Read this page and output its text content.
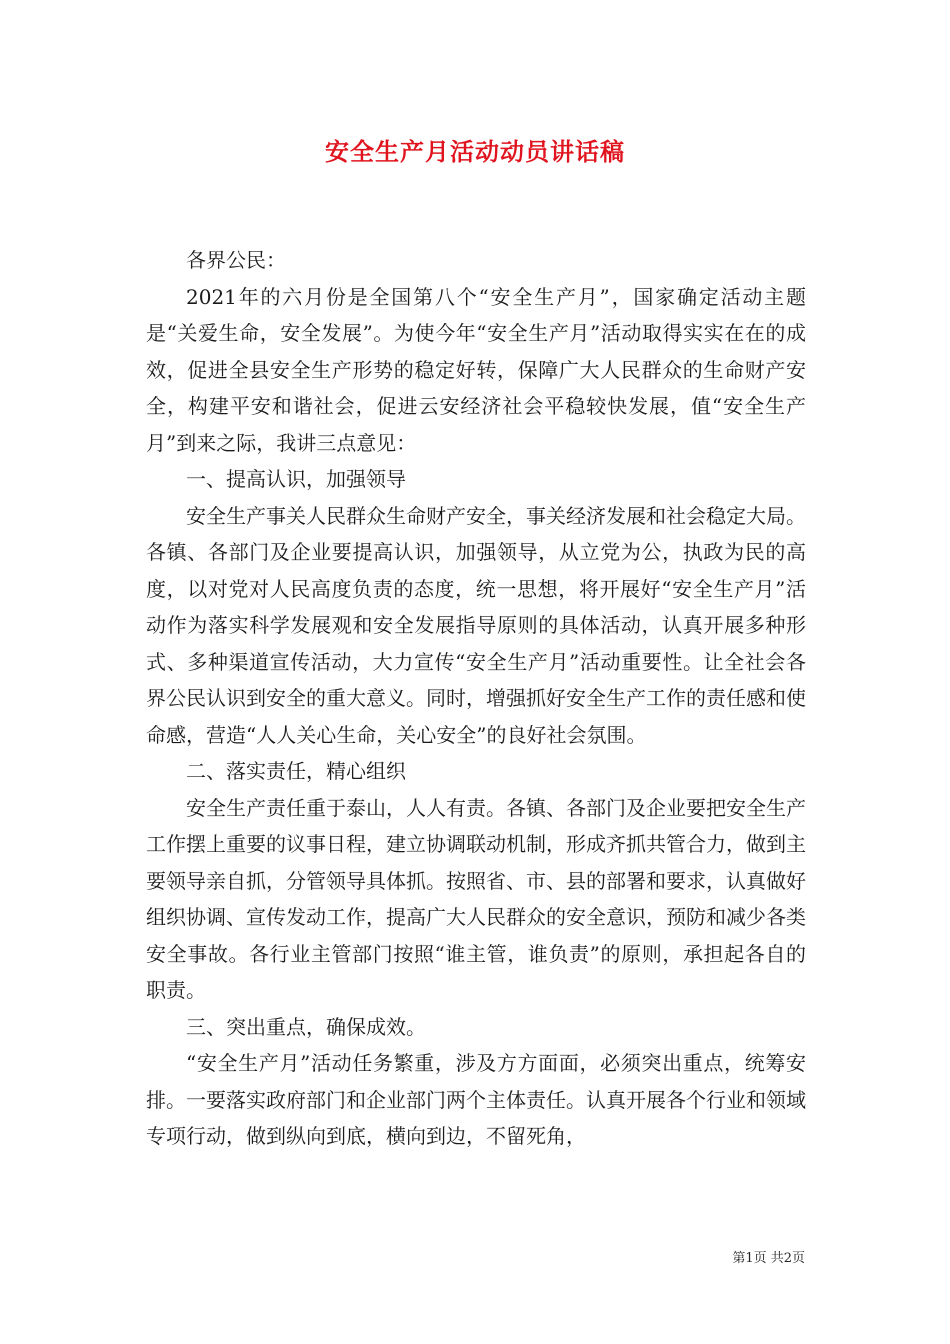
安全生产月活动动员讲话稿

各界公民：

2021年的六月份是全国第八个“安全生产月”，国家确定活动主题是“关爱生命，安全发展”。为使今年“安全生产月”活动取得实实在在的成效，促进全县安全生产形势的稳定好转，保障广大人民群众的生命财产安全，构建平安和谐社会，促进云安经济社会平稳较快发展，值“安全生产月”到来之际，我讲三点意见：

一、提高认识，加强领导

安全生产事关人民群众生命财产安全，事关经济发展和社会稳定大局。各镇、各部门及企业要提高认识，加强领导，从立党为公，执政为民的高度，以对党对人民高度负责的态度，统一思想，将开展好“安全生产月”活动作为落实科学发展观和安全发展指导原则的具体活动，认真开展多种形式、多种渠道宣传活动，大力宣传“安全生产月”活动重要性。让全社会各界公民认识到安全的重大意义。同时，增强抓好安全生产工作的责任感和使命感，营造“人人关心生命，关心安全”的良好社会氛围。

二、落实责任，精心组织

安全生产责任重于泰山，人人有责。各镇、各部门及企业要把安全生产工作摆上重要的议事日程，建立协调联动机制，形成齐抓共管合力，做到主要领导亲自抓，分管领导具体抓。按照省、市、县的部署和要求，认真做好组织协调、宣传发动工作，提高广大人民群众的安全意识，预防和减少各类安全事故。各行业主管部门按照“谁主管，谁负责”的原则，承担起各自的职责。

三、突出重点，确保成效。

“安全生产月”活动任务繁重，涉及方方面面，必须突出重点，统筹安排。一要落实政府部门和企业部门两个主体责任。认真开展各个行业和领域专项行动，做到纵向到底，横向到边，不留死角，

第1页 共2页
